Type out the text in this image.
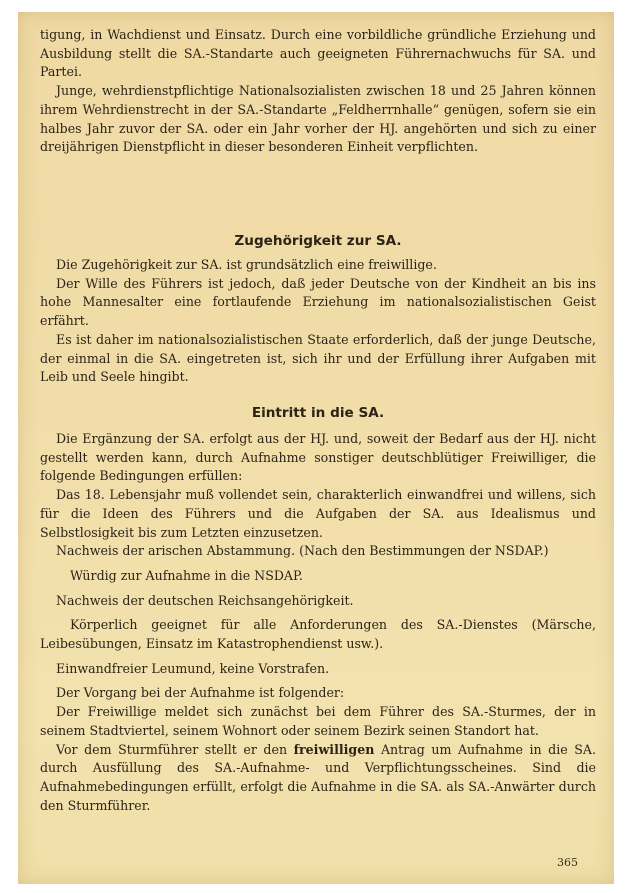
tigung, in Wachdienst und Einsatz. Durch eine vorbildliche gründliche Erziehung und Ausbildung stellt die SA.-Standarte auch geeigneten Führernachwuchs für SA. und Partei.

Junge, wehrdienstpflichtige Nationalsozialisten zwischen 18 und 25 Jahren können ihrem Wehrdienstrecht in der SA.-Standarte „Feldherrnhalle“ genügen, sofern sie ein halbes Jahr zuvor der SA. oder ein Jahr vorher der HJ. angehörten und sich zu einer dreijährigen Dienstpflicht in dieser besonderen Einheit verpflichten.

Zugehörigkeit zur SA.

Die Zugehörigkeit zur SA. ist grundsätzlich eine freiwillige.

Der Wille des Führers ist jedoch, daß jeder Deutsche von der Kindheit an bis ins hohe Mannesalter eine fortlaufende Erziehung im nationalsozialistischen Geist erfährt.

Es ist daher im nationalsozialistischen Staate erforderlich, daß der junge Deutsche, der einmal in die SA. eingetreten ist, sich ihr und der Erfüllung ihrer Aufgaben mit Leib und Seele hingibt.

Eintritt in die SA.

Die Ergänzung der SA. erfolgt aus der HJ. und, soweit der Bedarf aus der HJ. nicht gestellt werden kann, durch Aufnahme sonstiger deutschblütiger Freiwilliger, die folgende Bedingungen erfüllen:

Das 18. Lebensjahr muß vollendet sein, charakterlich einwandfrei und willens, sich für die Ideen des Führers und die Aufgaben der SA. aus Idealismus und Selbstlosigkeit bis zum Letzten einzusetzen.

Nachweis der arischen Abstammung. (Nach den Bestimmungen der NSDAP.)

Würdig zur Aufnahme in die NSDAP.

Nachweis der deutschen Reichsangehörigkeit.

Körperlich geeignet für alle Anforderungen des SA.-Dienstes (Märsche, Leibesübungen, Einsatz im Katastrophendienst usw.).

Einwandfreier Leumund, keine Vorstrafen.

Der Vorgang bei der Aufnahme ist folgender:

Der Freiwillige meldet sich zunächst bei dem Führer des SA.-Sturmes, der in seinem Stadtviertel, seinem Wohnort oder seinem Bezirk seinen Standort hat.

Vor dem Sturmführer stellt er den freiwilligen Antrag um Aufnahme in die SA. durch Ausfüllung des SA.-Aufnahme- und Verpflichtungsscheines. Sind die Aufnahmebedingungen erfüllt, erfolgt die Aufnahme in die SA. als SA.-Anwärter durch den Sturmführer.

365
